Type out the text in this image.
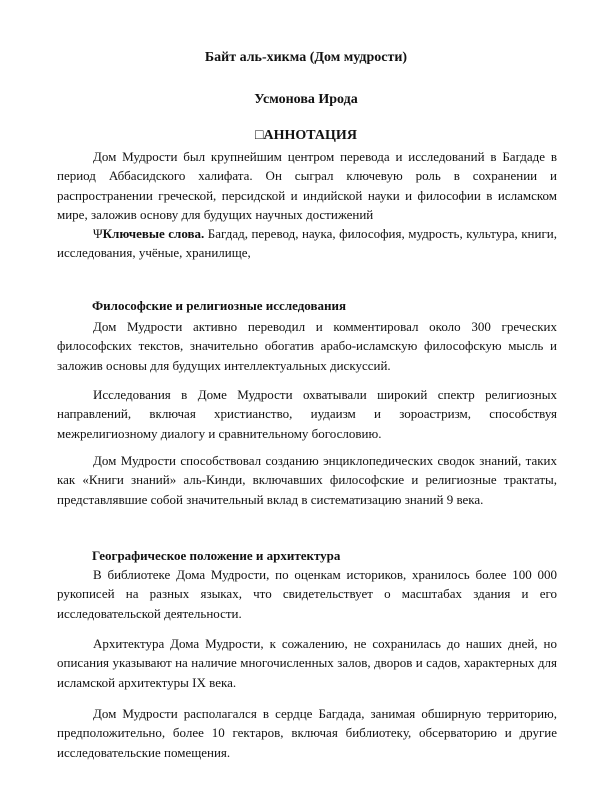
Байт аль-хикма (Дом мудрости)
Усмонова Ирода
□АННОТАЦИЯ

Дом Мудрости был крупнейшим центром перевода и исследований в Багдаде в период Аббасидского халифата. Он сыграл ключевую роль в сохранении и распространении греческой, персидской и индийской науки и философии в исламском мире, заложив основу для будущих научных достижений

ΨКлючевые слова. Багдад, перевод, наука, философия, мудрость, культура, книги, исследования, учёные, хранилище,

Философские и религиозные исследования

Дом Мудрости активно переводил и комментировал около 300 греческих философских текстов, значительно обогатив арабо-исламскую философскую мысль и заложив основы для будущих интеллектуальных дискуссий.

Исследования в Доме Мудрости охватывали широкий спектр религиозных направлений, включая христианство, иудаизм и зороастризм, способствуя межрелигиозному диалогу и сравнительному богословию.

Дом Мудрости способствовал созданию энциклопедических сводок знаний, таких как «Книги знаний» аль-Кинди, включавших философские и религиозные трактаты, представлявшие собой значительный вклад в систематизацию знаний 9 века.

Географическое положение и архитектура

В библиотеке Дома Мудрости, по оценкам историков, хранилось более 100 000 рукописей на разных языках, что свидетельствует о масштабах здания и его исследовательской деятельности.

Архитектура Дома Мудрости, к сожалению, не сохранилась до наших дней, но описания указывают на наличие многочисленных залов, дворов и садов, характерных для исламской архитектуры IX века.

Дом Мудрости располагался в сердце Багдада, занимая обширную территорию, предположительно, более 10 гектаров, включая библиотеку, обсерваторию и другие исследовательские помещения.
